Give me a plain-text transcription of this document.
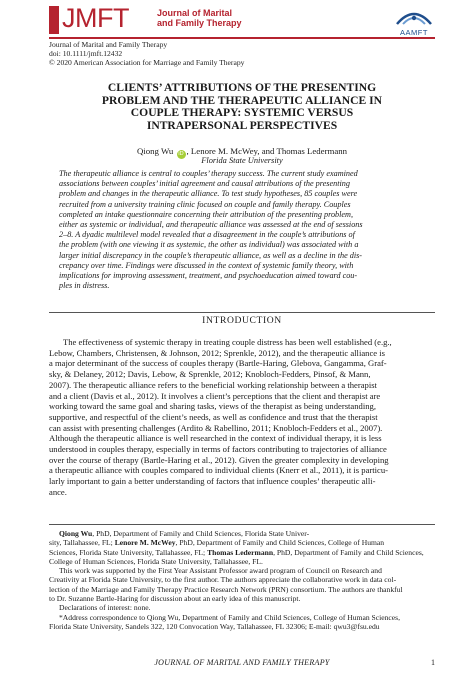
JMFT	Journal of Marital
and Family Therapy
AAMFT
Journal of Marital and Family Therapy
doi: 10.1111/jmft.12432
© 2020 American Association for Marriage and Family Therapy
CLIENTS’ ATTRIBUTIONS OF THE PRESENTING
PROBLEM AND THE THERAPEUTIC ALLIANCE IN
COUPLE THERAPY: SYSTEMIC VERSUS
INTRAPERSONAL PERSPECTIVES
Qiong Wu iD , Lenore M. McWey, and Thomas Ledermann
Florida State University
The therapeutic alliance is central to couples’ therapy success. The current study examined
associations between couples’ initial agreement and causal attributions of the presenting
problem and changes in the therapeutic alliance. To test study hypotheses, 85 couples were
recruited from a university training clinic focused on couple and family therapy. Couples
completed an intake questionnaire concerning their attribution of the presenting problem,
either as systemic or individual, and therapeutic alliance was assessed at the end of sessions
2–8. A dyadic multilevel model revealed that a disagreement in the couple’s attributions of
the problem (with one viewing it as systemic, the other as individual) was associated with a
larger initial discrepancy in the couple’s therapeutic alliance, as well as a decline in the dis-
crepancy over time. Findings were discussed in the context of systemic family theory, with
implications for improving assessment, treatment, and psychoeducation aimed toward cou-
ples in distress.
INTRODUCTION
The effectiveness of systemic therapy in treating couple distress has been well established (e.g.,
Lebow, Chambers, Christensen, & Johnson, 2012; Sprenkle, 2012), and the therapeutic alliance is
a major determinant of the success of couples therapy (Bartle-Haring, Glebova, Gangamma, Graf-
sky, & Delaney, 2012; Davis, Lebow, & Sprenkle, 2012; Knobloch-Fedders, Pinsof, & Mann,
2007). The therapeutic alliance refers to the beneficial working relationship between a therapist
and a client (Davis et al., 2012). It involves a client’s perceptions that the client and therapist are
working toward the same goal and sharing tasks, views of the therapist as being understanding,
supportive, and respectful of the client’s needs, as well as confidence and trust that the therapist
can assist with presenting challenges (Ardito & Rabellino, 2011; Knobloch-Fedders et al., 2007).
Although the therapeutic alliance is well researched in the context of individual therapy, it is less
understood in couples therapy, especially in terms of factors contributing to trajectories of alliance
over the course of therapy (Bartle-Haring et al., 2012). Given the greater complexity in developing
a therapeutic alliance with couples compared to individual clients (Knerr et al., 2011), it is particu-
larly important to gain a better understanding of factors that influence couples’ therapeutic alli-
ance.
Qiong Wu, PhD, Department of Family and Child Sciences, Florida State Univer-
sity, Tallahassee, FL; Lenore M. McWey, PhD, Department of Family and Child Sciences, College of Human
Sciences, Florida State University, Tallahassee, FL; Thomas Ledermann, PhD, Department of Family and Child Sciences,
College of Human Sciences, Florida State University, Tallahassee, FL.
This work was supported by the First Year Assistant Professor award program of Council on Research and
Creativity at Florida State University, to the first author. The authors appreciate the collaborative work in data col-
lection of the Marriage and Family Therapy Practice Research Network (PRN) consortium. The authors are thankful
to Dr. Suzanne Bartle-Haring for discussion about an early idea of this manuscript.
Declarations of interest: none.
*Address correspondence to Qiong Wu, Department of Family and Child Sciences, College of Human Sciences,
Florida State University, Sandels 322, 120 Convocation Way, Tallahassee, FL 32306; E-mail: qwu3@fsu.edu
JOURNAL OF MARITAL AND FAMILY THERAPY	1
